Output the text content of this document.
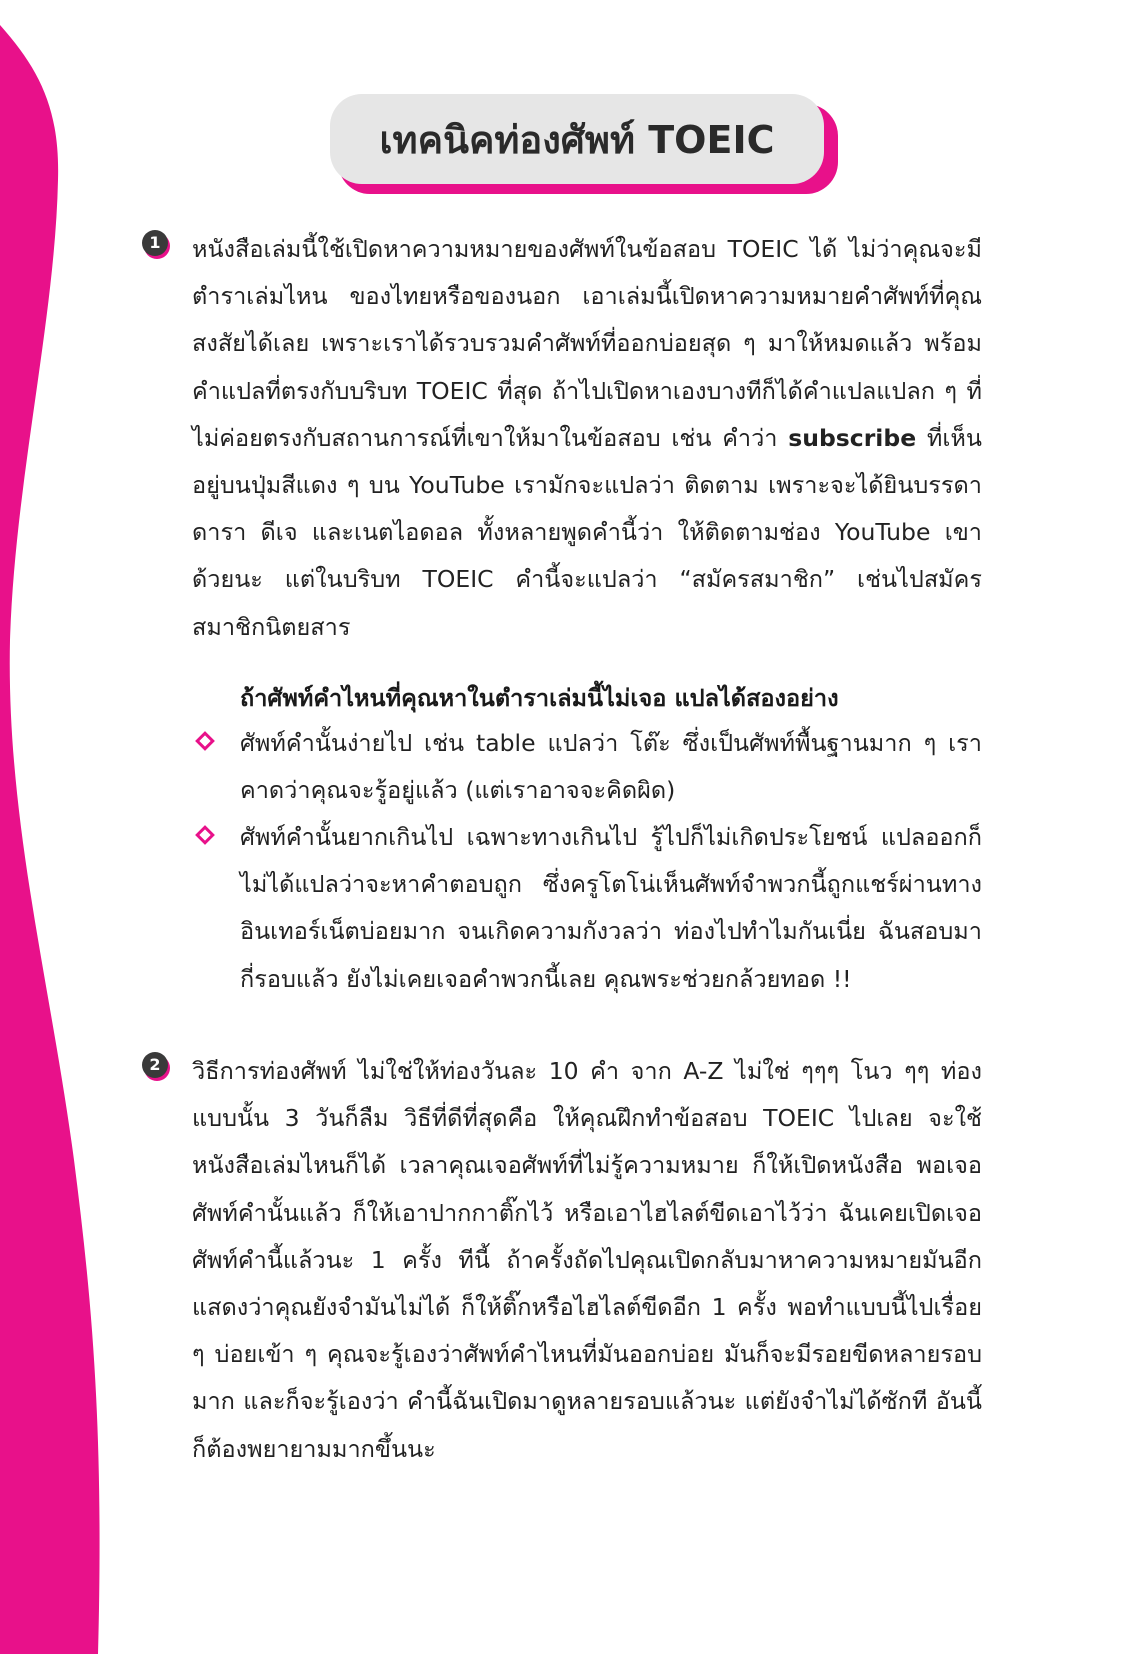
เทคนิคท่องศัพท์ TOEIC
1	หนังสือเล่มนี้ใช้เปิดหาความหมายของศัพท์ในข้อสอบ TOEIC ได้ ไม่ว่าคุณจะมีตำราเล่มไหน ของไทยหรือของนอก เอาเล่มนี้เปิดหาความหมายคำศัพท์ที่คุณสงสัยได้เลย เพราะเราได้รวบรวมคำศัพท์ที่ออกบ่อยสุด ๆ มาให้หมดแล้ว พร้อมคำแปลที่ตรงกับบริบท TOEIC ที่สุด ถ้าไปเปิดหาเองบางทีก็ได้คำแปลแปลก ๆ ที่ไม่ค่อยตรงกับสถานการณ์ที่เขาให้มาในข้อสอบ เช่น คำว่า subscribe ที่เห็นอยู่บนปุ่มสีแดง ๆ บน YouTube เรามักจะแปลว่า ติดตาม เพราะจะได้ยินบรรดา ดารา ดีเจ และเนตไอดอล ทั้งหลายพูดคำนี้ว่า ให้ติดตามช่อง YouTube เขาด้วยนะ แต่ในบริบท TOEIC คำนี้จะแปลว่า “สมัครสมาชิก” เช่นไปสมัครสมาชิกนิตยสาร
ถ้าศัพท์คำไหนที่คุณหาในตำราเล่มนี้ไม่เจอ แปลได้สองอย่าง
ศัพท์คำนั้นง่ายไป เช่น table แปลว่า โต๊ะ ซึ่งเป็นศัพท์พื้นฐานมาก ๆ เราคาดว่าคุณจะรู้อยู่แล้ว (แต่เราอาจจะคิดผิด)
ศัพท์คำนั้นยากเกินไป เฉพาะทางเกินไป รู้ไปก็ไม่เกิดประโยชน์ แปลออกก็ไม่ได้แปลว่าจะหาคำตอบถูก ซึ่งครูโตโน่เห็นศัพท์จำพวกนี้ถูกแชร์ผ่านทางอินเทอร์เน็ตบ่อยมาก จนเกิดความกังวลว่า ท่องไปทำไมกันเนี่ย ฉันสอบมากี่รอบแล้ว ยังไม่เคยเจอคำพวกนี้เลย คุณพระช่วยกล้วยทอด !!
2	วิธีการท่องศัพท์ ไม่ใช่ให้ท่องวันละ 10 คำ จาก A-Z ไม่ใช่ ๆๆๆ โนว ๆๆ ท่องแบบนั้น 3 วันก็ลืม วิธีที่ดีที่สุดคือ ให้คุณฝึกทำข้อสอบ TOEIC ไปเลย จะใช้หนังสือเล่มไหนก็ได้ เวลาคุณเจอศัพท์ที่ไม่รู้ความหมาย ก็ให้เปิดหนังสือ พอเจอศัพท์คำนั้นแล้ว ก็ให้เอาปากกาติ๊กไว้ หรือเอาไฮไลต์ขีดเอาไว้ว่า ฉันเคยเปิดเจอศัพท์คำนี้แล้วนะ 1 ครั้ง ทีนี้ ถ้าครั้งถัดไปคุณเปิดกลับมาหาความหมายมันอีก แสดงว่าคุณยังจำมันไม่ได้ ก็ให้ติ๊กหรือไฮไลต์ขีดอีก 1 ครั้ง พอทำแบบนี้ไปเรื่อย ๆ บ่อยเข้า ๆ คุณจะรู้เองว่าศัพท์คำไหนที่มันออกบ่อย มันก็จะมีรอยขีดหลายรอบมาก และก็จะรู้เองว่า คำนี้ฉันเปิดมาดูหลายรอบแล้วนะ แต่ยังจำไม่ได้ซักที อันนี้ก็ต้องพยายามมากขึ้นนะ
